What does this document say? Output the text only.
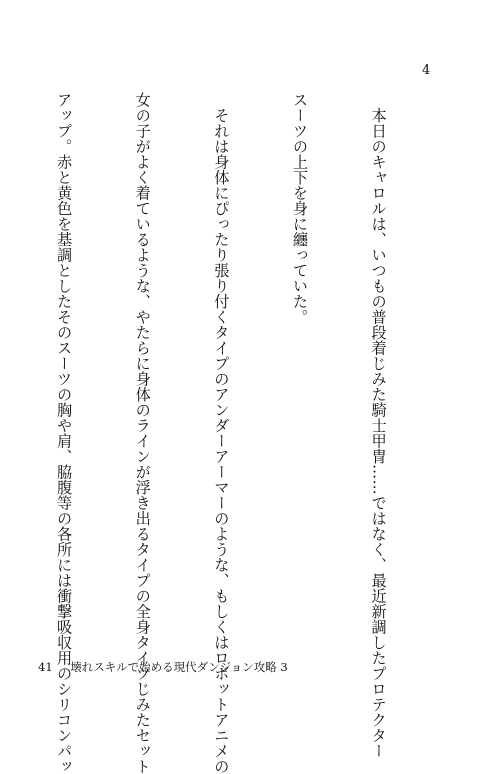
4

　本日のキャロルは、いつもの普段着じみた騎士甲冑……ではなく、最近新調したプロテクター

スーツの上下を身に纏っていた。

　それは身体にぴったり張り付くタイプのアンダーアーマーのような、もしくはロボットアニメの

女の子がよく着ているような、やたらに身体のラインが浮き出るタイプの全身タイツじみたセット

アップ。赤と黄色を基調としたそのスーツの胸や肩、脇腹等の各所には衝撃吸収用のシリコンパッ

41 壊れスキルで始める現代ダンジョン攻略 3
